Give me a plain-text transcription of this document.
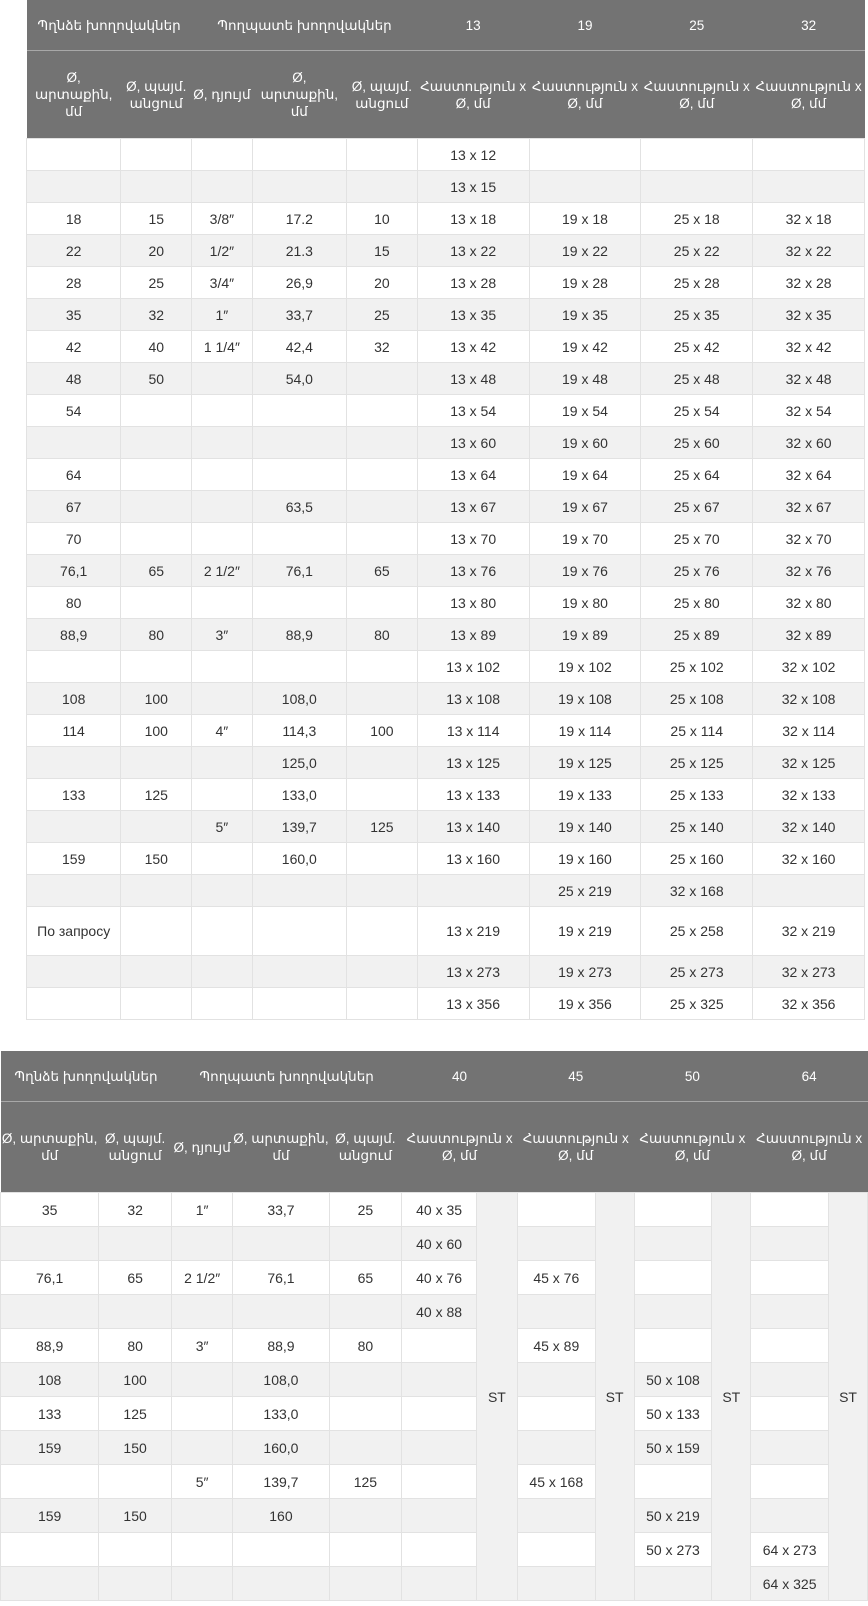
Պղնձե խողովակներ		Պողպատե խողովակներ			13	19	25	32
Ø, արտաքին, մմ	Ø, պայմ. անցում	Ø, դյույմ	Ø, արտաքին, մմ	Ø, պայմ. անցում	Հաստություն x Ø, մմ	Հաստություն x Ø, մմ	Հաստություն x Ø, մմ	Հաստություն x Ø, մմ
					13 x 12			
					13 x 15			
18	15	3/8″	17.2	10	13 x 18	19 x 18	25 x 18	32 x 18
22	20	1/2″	21.3	15	13 x 22	19 x 22	25 x 22	32 x 22
28	25	3/4″	26,9	20	13 x 28	19 x 28	25 x 28	32 x 28
35	32	1″	33,7	25	13 x 35	19 x 35	25 x 35	32 x 35
42	40	1 1/4″	42,4	32	13 x 42	19 x 42	25 x 42	32 x 42
48	50		54,0		13 x 48	19 x 48	25 x 48	32 x 48
54					13 x 54	19 x 54	25 x 54	32 x 54
					13 x 60	19 x 60	25 x 60	32 x 60
64					13 x 64	19 x 64	25 x 64	32 x 64
67			63,5		13 x 67	19 x 67	25 x 67	32 x 67
70					13 x 70	19 x 70	25 x 70	32 x 70
76,1	65	2 1/2″	76,1	65	13 x 76	19 x 76	25 x 76	32 x 76
80					13 x 80	19 x 80	25 x 80	32 x 80
88,9	80	3″	88,9	80	13 x 89	19 x 89	25 x 89	32 x 89
					13 x 102	19 x 102	25 x 102	32 x 102
108	100		108,0		13 x 108	19 x 108	25 x 108	32 x 108
114	100	4″	114,3	100	13 x 114	19 x 114	25 x 114	32 x 114
			125,0		13 x 125	19 x 125	25 x 125	32 x 125
133	125		133,0		13 x 133	19 x 133	25 x 133	32 x 133
		5″	139,7	125	13 x 140	19 x 140	25 x 140	32 x 140
159	150		160,0		13 x 160	19 x 160	25 x 160	32 x 160
						25 x 219	32 x 168	
По запросу					13 x 219	19 x 219	25 x 258	32 x 219
					13 x 273	19 x 273	25 x 273	32 x 273
					13 x 356	19 x 356	25 x 325	32 x 356
Պղնձե խողովակներ		Պողպատե խողովակներ			40		45		50		64	
Ø, արտաքին, մմ	Ø, պայմ. անցում	Ø, դյույմ	Ø, արտաքին, մմ	Ø, պայմ. անցում	Հաստություն x Ø, մմ		Հաստություն x Ø, մմ		Հաստություն x Ø, մմ		Հաստություն x Ø, մմ	
35	32	1″	33,7	25	40 x 35	ST		ST		ST		ST
					40 x 60							
76,1	65	2 1/2″	76,1	65	40 x 76		45 x 76					
					40 x 88							
88,9	80	3″	88,9	80			45 x 89					
108	100		108,0						50 x 108			
133	125		133,0						50 x 133			
159	150		160,0						50 x 159			
		5″	139,7	125			45 x 168					
159	150		160						50 x 219			
									50 x 273		64 x 273	
											64 x 325	
